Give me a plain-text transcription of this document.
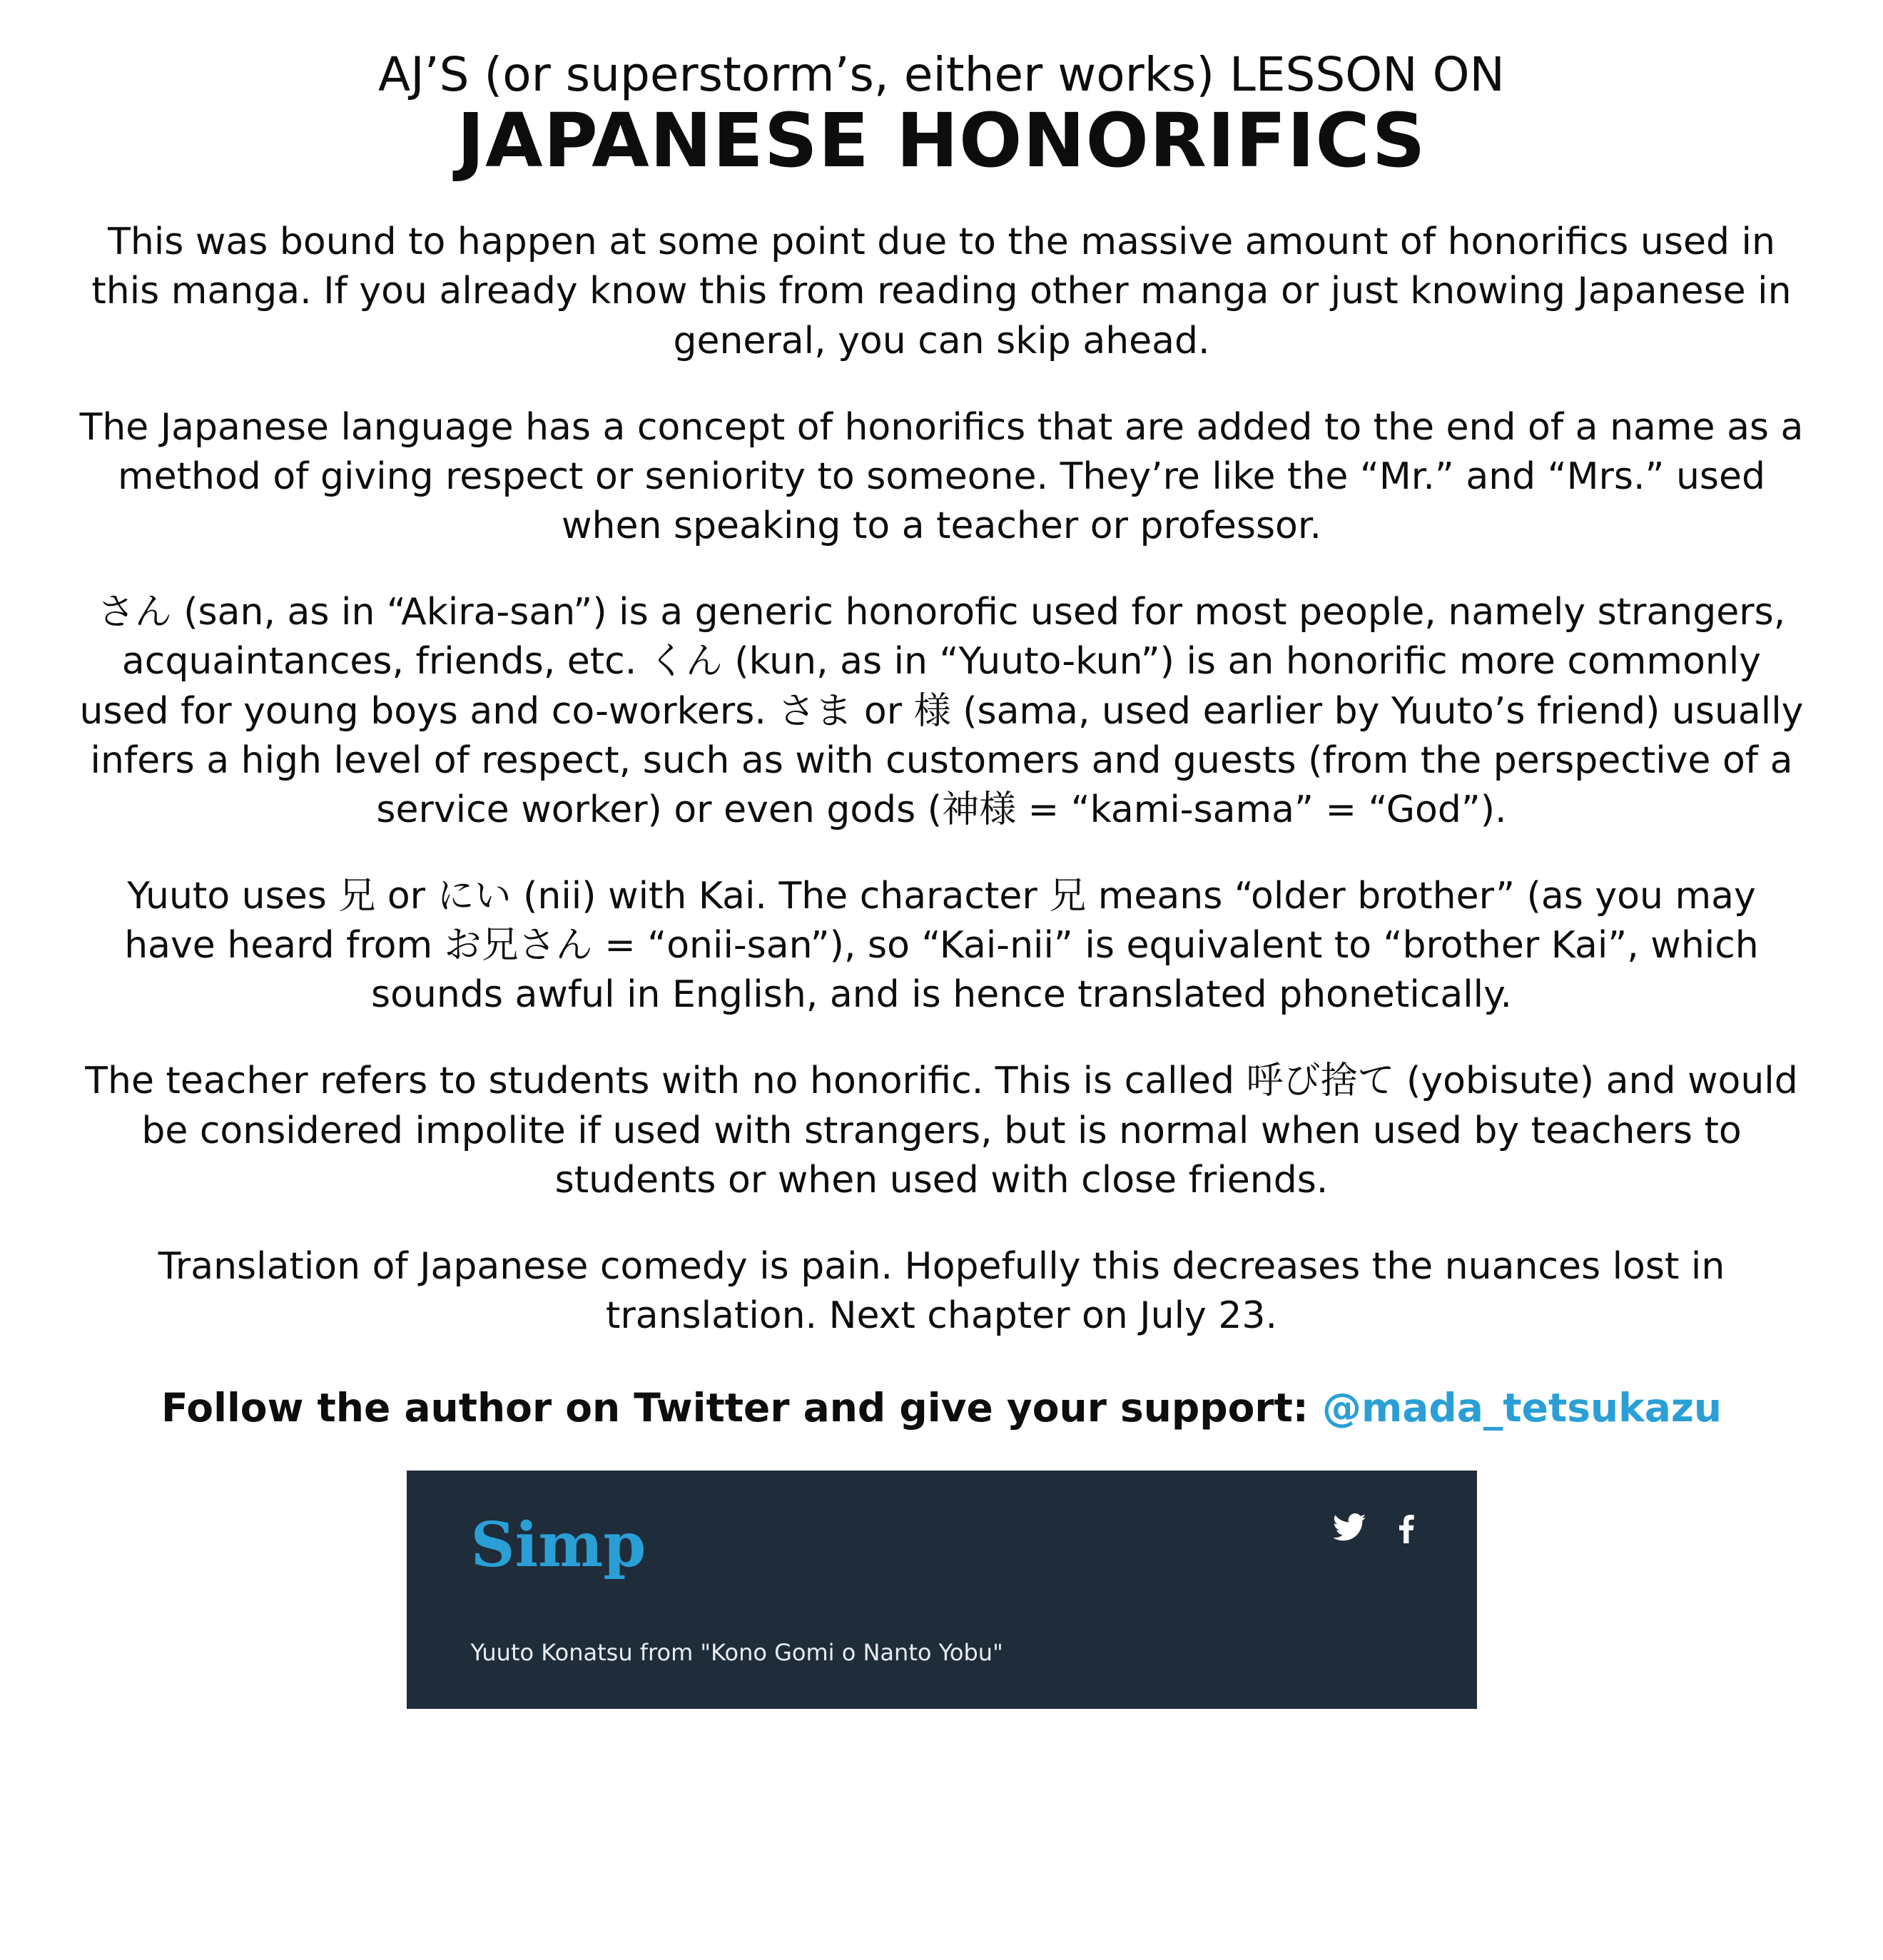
AJ’S (or superstorm’s, either works) LESSON ON
JAPANESE HONORIFICS

This was bound to happen at some point due to the massive amount of honorifics used in this manga. If you already know this from reading other manga or just knowing Japanese in general, you can skip ahead.

The Japanese language has a concept of honorifics that are added to the end of a name as a method of giving respect or seniority to someone. They’re like the “Mr.” and “Mrs.” used when speaking to a teacher or professor.

さん (san, as in “Akira-san”) is a generic honorofic used for most people, namely strangers, acquaintances, friends, etc. くん (kun, as in “Yuuto-kun”) is an honorific more commonly used for young boys and co-workers. さま or 様 (sama, used earlier by Yuuto’s friend) usually infers a high level of respect, such as with customers and guests (from the perspective of a service worker) or even gods (神様 = “kami-sama” = “God”).

Yuuto uses 兄 or にい (nii) with Kai. The character 兄 means “older brother” (as you may have heard from お兄さん = “onii-san”), so “Kai-nii” is equivalent to “brother Kai”, which sounds awful in English, and is hence translated phonetically.

The teacher refers to students with no honorific. This is called 呼び捨て (yobisute) and would be considered impolite if used with strangers, but is normal when used by teachers to students or when used with close friends.

Translation of Japanese comedy is pain. Hopefully this decreases the nuances lost in translation. Next chapter on July 23.

Follow the author on Twitter and give your support: @mada_tetsukazu
Simp
Yuuto Konatsu from "Kono Gomi o Nanto Yobu"
